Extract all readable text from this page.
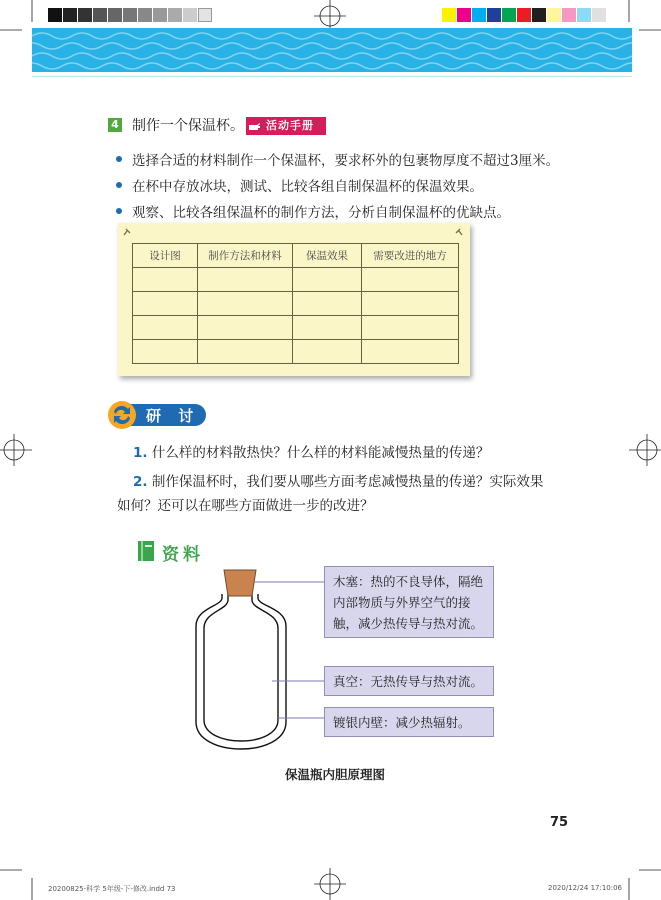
4 制作一个保温杯。 活动手册
选择合适的材料制作一个保温杯，要求杯外的包裹物厚度不超过3厘米。
在杯中存放冰块，测试、比较各组自制保温杯的保温效果。
观察、比较各组保温杯的制作方法，分析自制保温杯的优缺点。
设计图	制作方法和材料	保温效果	需要改进的地方

研 讨
1. 什么样的材料散热快？什么样的材料能减慢热量的传递？
2. 制作保温杯时，我们要从哪些方面考虑减慢热量的传递？实际效果
如何？还可以在哪些方面做进一步的改进？
资料
木塞：热的不良导体，隔绝
内部物质与外界空气的接
触，减少热传导与热对流。
真空：无热传导与热对流。
镀银内壁：减少热辐射。
保温瓶内胆原理图
75
20200825-科学 5年级-下-修改.indd 73	2020/12/24 17:10:06
